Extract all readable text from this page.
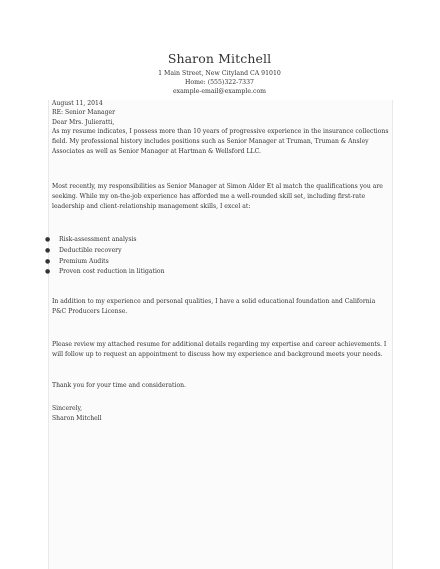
Sharon Mitchell
1 Main Street, New Cityland CA 91010
Home: (555)322-7337
example-email@example.com
August 11, 2014
RE: Senior Manager
Dear Mrs. Julieratti,
As my resume indicates, I possess more than 10 years of progressive experience in the insurance collections
field. My professional history includes positions such as Senior Manager at Truman, Truman & Ansley
Associates as well as Senior Manager at Hartman & Wellsford LLC.
Most recently, my responsibilities as Senior Manager at Simon Alder Et al match the qualifications you are
seeking. While my on-the-job experience has afforded me a well-rounded skill set, including first-rate
leadership and client-relationship management skills, I excel at:
● Risk-assessment analysis
● Deductible recovery
● Premium Audits
● Proven cost reduction in litigation
In addition to my experience and personal qualities, I have a solid educational foundation and California
P&C Producers License.
Please review my attached resume for additional details regarding my expertise and career achievements. I
will follow up to request an appointment to discuss how my experience and background meets your needs.
Thank you for your time and consideration.
Sincerely,
Sharon Mitchell
